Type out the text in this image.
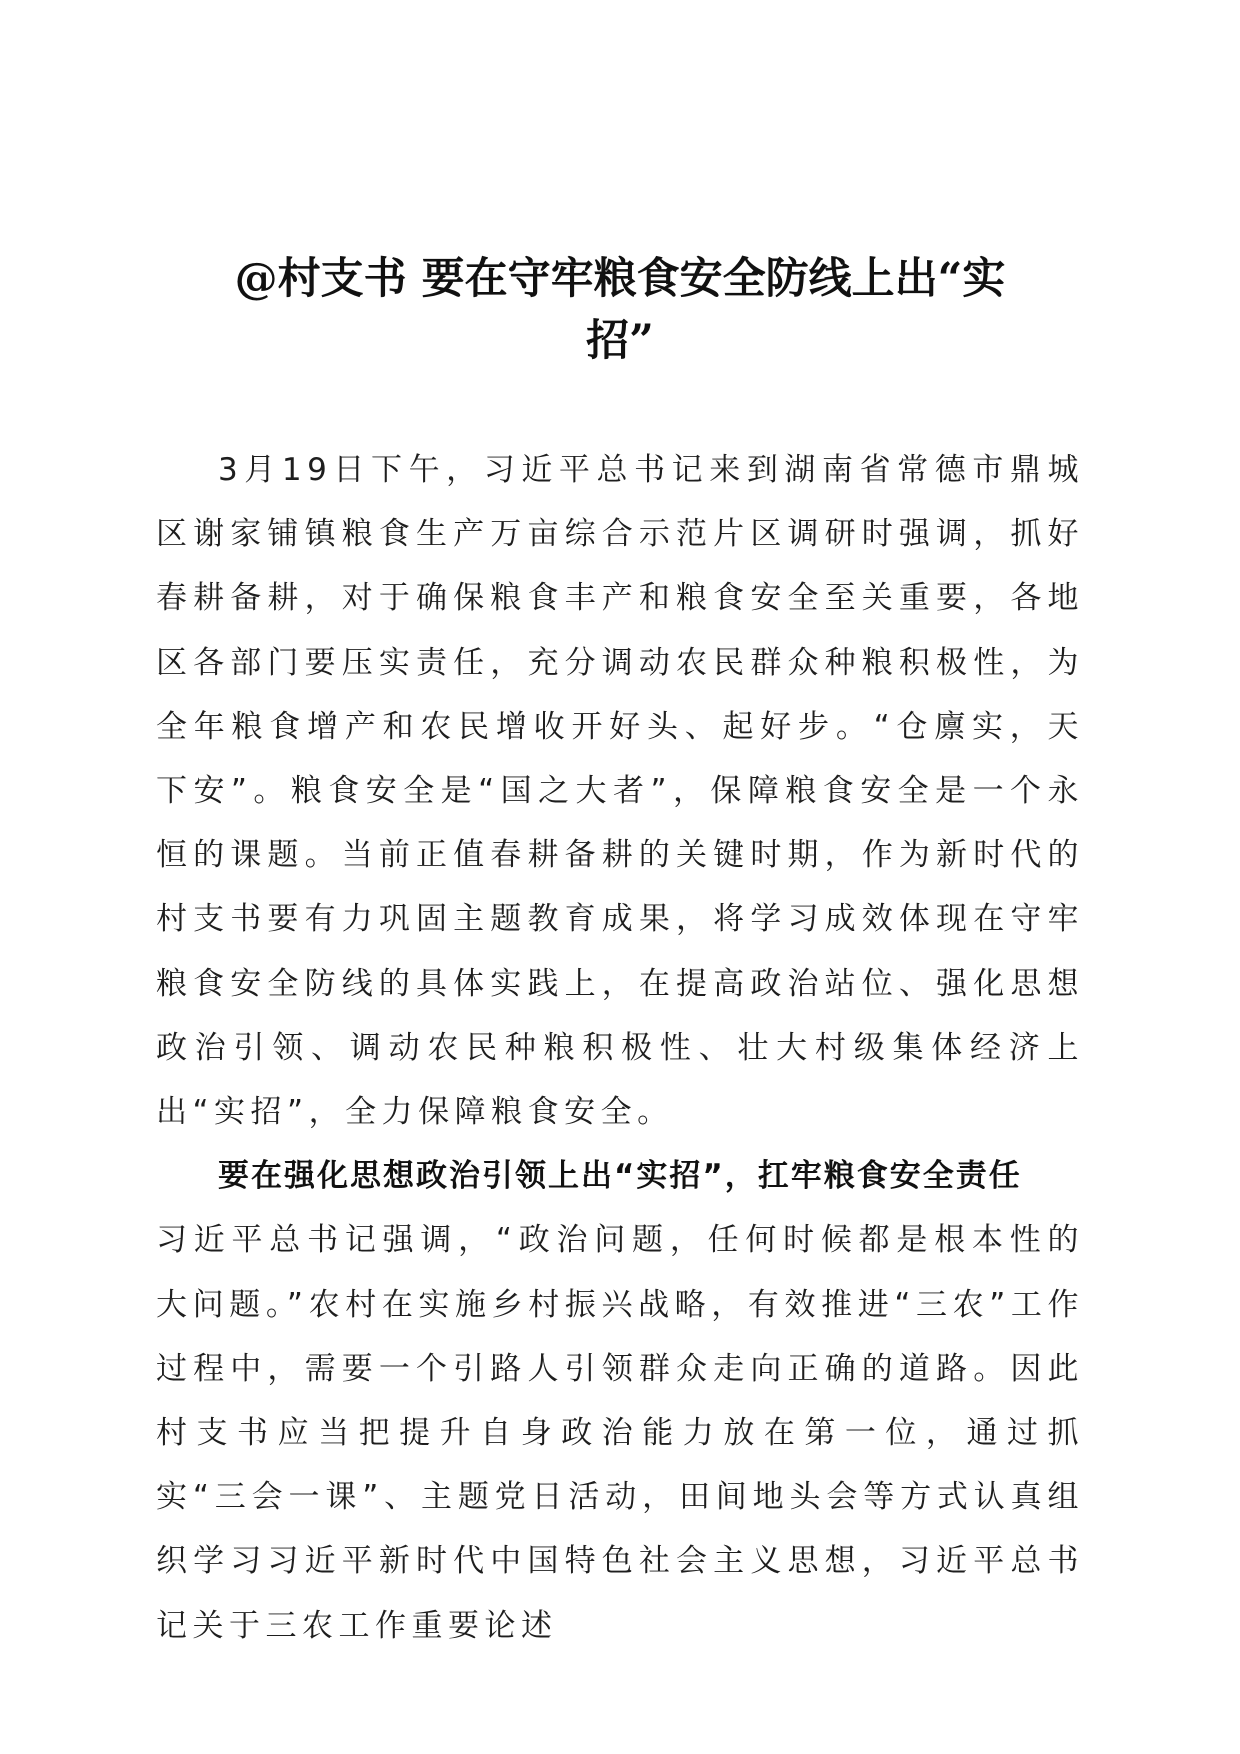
@村支书 要在守牢粮食安全防线上出“实
招”

3月19日下午，习近平总书记来到湖南省常德市鼎城区谢家铺镇粮食生产万亩综合示范片区调研时强调，抓好春耕备耕，对于确保粮食丰产和粮食安全至关重要，各地区各部门要压实责任，充分调动农民群众种粮积极性，为全年粮食增产和农民增收开好头、起好步。“仓廪实，天下安”。粮食安全是“国之大者”，保障粮食安全是一个永恒的课题。当前正值春耕备耕的关键时期，作为新时代的村支书要有力巩固主题教育成果，将学习成效体现在守牢粮食安全防线的具体实践上，在提高政治站位、强化思想政治引领、调动农民种粮积极性、壮大村级集体经济上出“实招”，全力保障粮食安全。

要在强化思想政治引领上出“实招”，扛牢粮食安全责任

习近平总书记强调，“政治问题，任何时候都是根本性的大问题。”农村在实施乡村振兴战略，有效推进“三农”工作过程中，需要一个引路人引领群众走向正确的道路。因此村支书应当把提升自身政治能力放在第一位，通过抓实“三会一课”、主题党日活动，田间地头会等方式认真组织学习习近平新时代中国特色社会主义思想，习近平总书记关于三农工作重要论述
